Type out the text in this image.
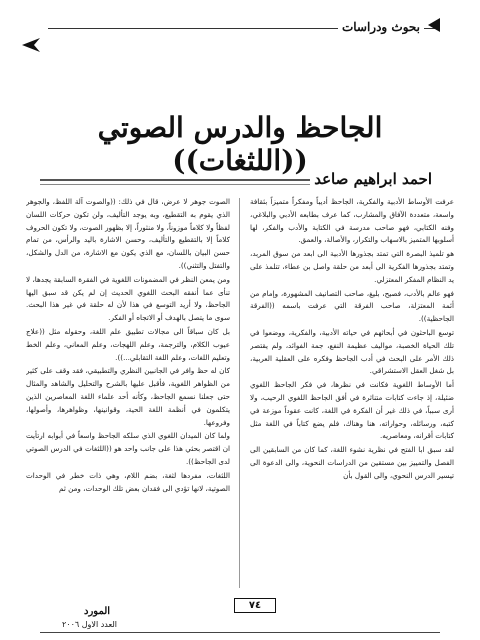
بحوث ودراسات
الجاحظ والدرس الصوتي ((اللثغات))
احمد ابراهيم صاعد

عرفت الأوساط الأدبية والفكرية، الجاحظ أديباً ومفكراً متميزاً بثقافة واسعة، متعددة الآفاق والمشارب، كما عرف بطابعه الأدبي والبلاغي، وفنه الكتابي، فهو صاحب مدرسة في الكتابة والأدب والفكر، لها أسلوبها المتميز بالاسهاب والتكرار، والأصالة، والعمق.

هو تلميذ البصرة التي تمتد بجذورها الأدبية الى ابعد من سوق المربد، وتمتد بجذورها الفكرية الى أبعد من حلقة واصل بن عطاء، تتلمذ على يد النظام المفكر المعتزلي.

فهو عالم بالأدب، فصيح، بليغ، صاحب التصانيف المشهورة، وإمام من أئمة المعتزلة، صاحب الفرقة التي عرفت باسمه ((الفرقة الجاحظية)).

توسع الباحثون في أبحاثهم في حياته الأدبية، والفكرية، ووضعوا في تلك الحياة الخصبة، مواليف عظيمة النفع، جمة الفوائد، ولم يقتصر ذلك الأمر على البحث في أدب الجاحظ وفكره على العقلية العربية، بل شغل العقل الاستشراقي.

أما الأوساط اللغوية فكانت في نظرها، في فكر الجاحظ اللغوي ضئيلة، إذ جاءت كتابات متناثرة في أفق الجاحظ اللغوي الرحيب، ولا أرى سبباً، في ذلك غير أن الفكرة في اللغة، كانت عقوداً موزعة في كتبه، ورسائله، وحواراته، هنا وهناك، فلم يضع كتاباً في اللغة مثل كتابات أقرانه، ومعاصريه.

لقد سبق ابا الفتح في نظرية نشوء اللغة، كما كان من السابقين الى الفصل والتمييز بين مستقين من الدراسات النحوية، والى الدعوة الى تيسير الدرس النحوي، والى القول بأن

الصوت جوهر لا عرض، قال في ذلك: ((والصوت آلة اللفظ، والجوهر الذي يقوم به التقطيع، وبه يوجد التأليف، ولن تكون حركات اللسان لفظاً ولا كلاماً موزوناً، ولا منثوراً، إلا بظهور الصوت، ولا تكون الحروف كلاماً إلا بالتقطيع والتأليف، وحسن الاشارة باليد والرأس، من تمام حسن البيان باللسان، مع الذي يكون مع الاشارة، من الدل والشكل، والتفتل والتثني)).

ومن يمعن النظر في المضمونات اللغوية في الفقرة السابقة يجدها، لا تنأى عما أنفقه البحث اللغوي الحديث إن لم يكن قد سبق اليها الجاحظ، ولا أريد التوسع في هذا لأن له حلقة في غير هذا البحث. سوى ما يتصل بالهدف أو الاتجاه أو الفكر.

بل كان سباقاً الى مجالات تطبيق علم اللغة، وحقوله مثل ((علاج عيوب الكلام، والترجمة، وعلم اللهجات، وعلم المعاني، وعلم الخط وتعليم اللغات، وعلم اللغة التقابلي...)).

كان له حظ وافر في الجانبين النظري والتطبيقي، فقد وقف على كثير من الظواهر اللغوية، فأقبل عليها بالشرح والتحليل والشاهد والمثال حتى جعلنا نسمع الجاحظ، وكأنه أحد علماء اللغة المعاصرين الذين يتكلمون في أنظمة اللغة الحية، وقوانينها، وظواهرها، وأصولها، وفروعها.

ولما كان الميدان اللغوي الذي سلكه الجاحظ واسعاً في أبوابه ارتأيت ان اقتصر بحثي هذا على جانب واحد هو ((اللثغات في الدرس الصوتي لدى الجاحظ)).

اللثغات، مفردها لثغة، بضم اللام، وهي ذات خطر في الوحدات الصوتية، لانها تؤدي الى فقدان بعض تلك الوحدات، ومن ثم

٧٤
المورد
العدد الاول ٢٠٠٦
